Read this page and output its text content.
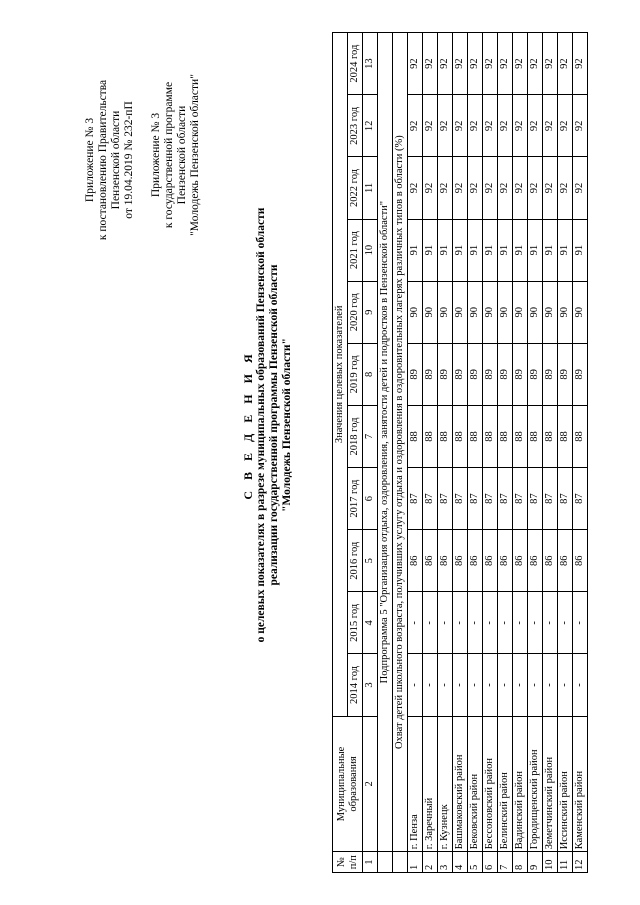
Приложение № 3 к постановлению Правительства Пензенской области от 19.04.2019 № 232-пП Приложение № 3 к государственной программе Пензенской области "Молодежь Пензенской области"
С В Е Д Е Н И Я о целевых показателях в разрезе муниципальных образований Пензенской области реализации государственной программы Пензенской области "Молодежь Пензенской области"
№ п/п	Муниципальные образования	Значения целевых показателей										
		2014 год	2015 год	2016 год	2017 год	2018 год	2019 год	2020 год	2021 год	2022 год	2023 год	2024 год
1	2	3	4	5	6	7	8	9	10	11	12	13
	Подпрограмма 5 "Организация отдыха, оздоровления, занятости детей и подростков в Пензенской области"											
	Охват детей школьного возраста, получивших услугу отдыха и оздоровления в оздоровительных лагерях различных типов в области (%)											
1	г. Пенза	-	-	86	87	88	89	90	91	92	92	92
2	г. Заречный	-	-	86	87	88	89	90	91	92	92	92
3	г. Кузнецк	-	-	86	87	88	89	90	91	92	92	92
4	Башмаковский район	-	-	86	87	88	89	90	91	92	92	92
5	Бековский район	-	-	86	87	88	89	90	91	92	92	92
6	Бессоновский район	-	-	86	87	88	89	90	91	92	92	92
7	Белинский район	-	-	86	87	88	89	90	91	92	92	92
8	Вадинский район	-	-	86	87	88	89	90	91	92	92	92
9	Городищенский район	-	-	86	87	88	89	90	91	92	92	92
10	Земетчинский район	-	-	86	87	88	89	90	91	92	92	92
11	Иссинский район	-	-	86	87	88	89	90	91	92	92	92
12	Каменский район	-	-	86	87	88	89	90	91	92	92	92
